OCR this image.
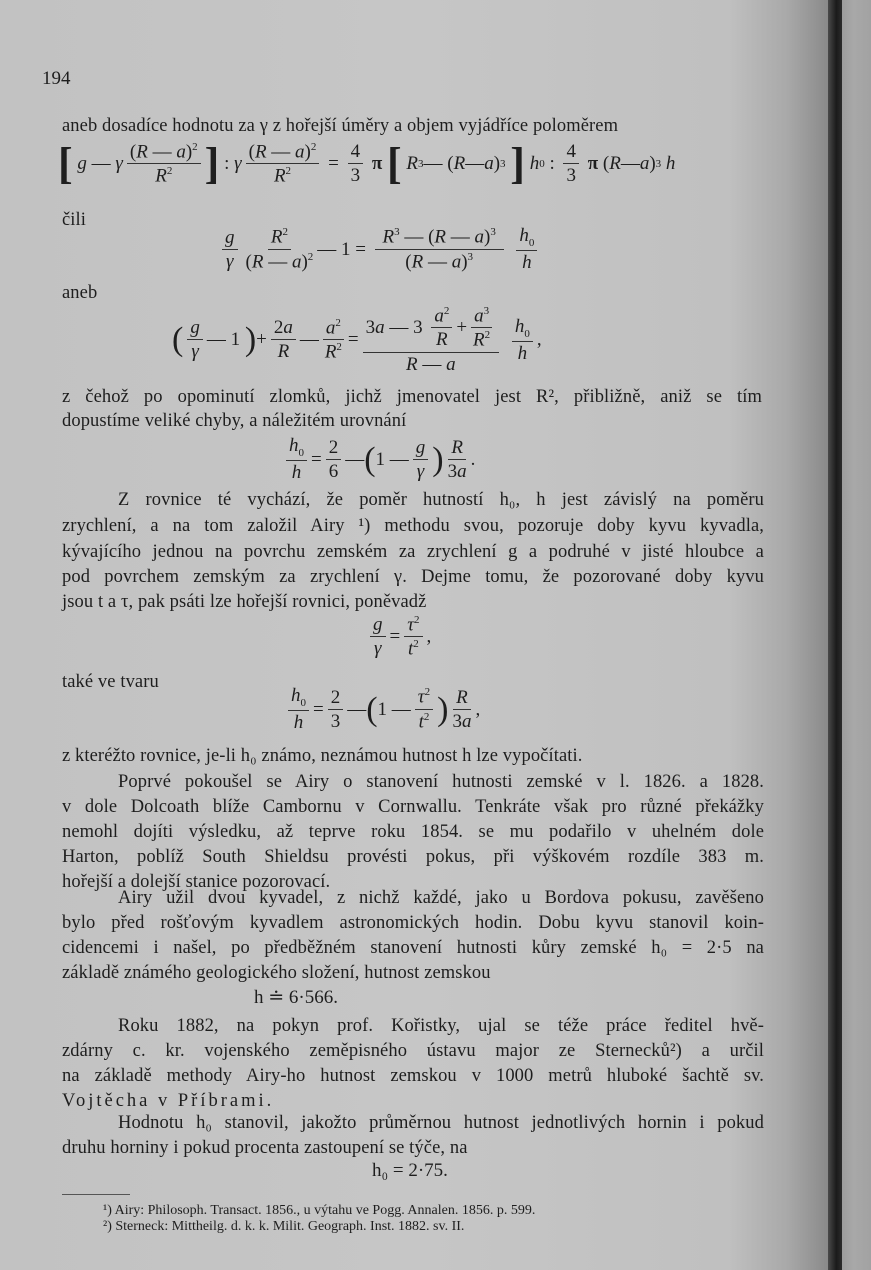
194
aneb dosadíce hodnotu za γ z hořejší úměry a objem vyjádříce poloměrem
[ g — γ $\frac{(R — a)^2}{R^2}$ ] : γ $\frac{(R — a)^2}{R^2} = \frac{4}{3}$
π
[
R 3 — ( R — a ) 3
]
h 0 : $\frac{4}{3}$
π ( R — a ) 3
h
čili
$\frac{g}{\gamma} \frac{R^2}{(R — a)^2}$ — $1 = \frac{R^3 — (R — a)^3}{(R — a)^3}$
$\frac{h_0}{h}$
aneb
( $\frac{g}{\gamma}$ — 1 ) + $\frac{2a}{R}$ — $\frac{a^2}{R^2} = \frac{3 a — 3 \frac{a^2}{R} + \frac{a^3}{R^2}}{R — a}$
$\frac{h_0}{h}$ ,
z čehož po opominutí zlomků, jichž jmenovatel jest R², přibližně, aniž se tím
dopustíme veliké chyby, a náležitém urovnání
$\frac{h_0}{h} = \frac{2}{6}$ — ( 1 — $\frac{g}{\gamma}$ ) $\frac{R}{3a}$ .
Z rovnice té vychází, že poměr hutností h₀, h jest závislý na poměru
zrychlení, a na tom založil Airy ¹) methodu svou, pozoruje doby kyvu kyvadla,
kývajícího jednou na povrchu zemském za zrychlení g a podruhé v jisté hloubce a
pod povrchem zemským za zrychlení γ. Dejme tomu, že pozorované doby kyvu
jsou t a τ, pak psáti lze hořejší rovnici, poněvadž
$\frac{g}{\gamma} = \frac{\tau^2}{t^2}$ ,
také ve tvaru
$\frac{h_0}{h} = \frac{2}{3}$ — ( 1 — $\frac{\tau^2}{t^2}$ ) $\frac{R}{3a}$ ,
z kteréžto rovnice, je-li h₀ známo, neznámou hutnost h lze vypočítati.
Poprvé pokoušel se Airy o stanovení hutnosti zemské v l. 1826. a 1828.
v dole Dolcoath blíže Cambornu v Cornwallu. Tenkráte však pro různé překážky
nemohl dojíti výsledku, až teprve roku 1854. se mu podařilo v uhelném dole
Harton, poblíž South Shieldsu provésti pokus, při výškovém rozdíle 383 m.
hořejší a dolejší stanice pozorovací.
Airy užil dvou kyvadel, z nichž každé, jako u Bordova pokusu, zavěšeno
bylo před rošťovým kyvadlem astronomických hodin. Dobu kyvu stanovil koin-
cidencemi i našel, po předběžném stanovení hutnosti kůry zemské h₀ = 2·5 na
základě známého geologického složení, hutnost zemskou
h ≐ 6·566.
Roku 1882, na pokyn prof. Kořistky, ujal se téže práce ředitel hvě-
zdárny c. kr. vojenského zeměpisného ústavu major ze Sternecků²) a určil
na základě methody Airy-ho hutnost zemskou v 1000 metrů hluboké šachtě sv.
Vojtěcha v Příbrami.
Hodnotu h₀ stanovil, jakožto průměrnou hutnost jednotlivých hornin i pokud
druhu horniny i pokud procenta zastoupení se týče, na
h₀ = 2·75.
¹) Airy: Philosoph. Transact. 1856., u výtahu ve Pogg. Annalen. 1856. p. 599.
²) Sterneck: Mittheilg. d. k. k. Milit. Geograph. Inst. 1882. sv. II.
